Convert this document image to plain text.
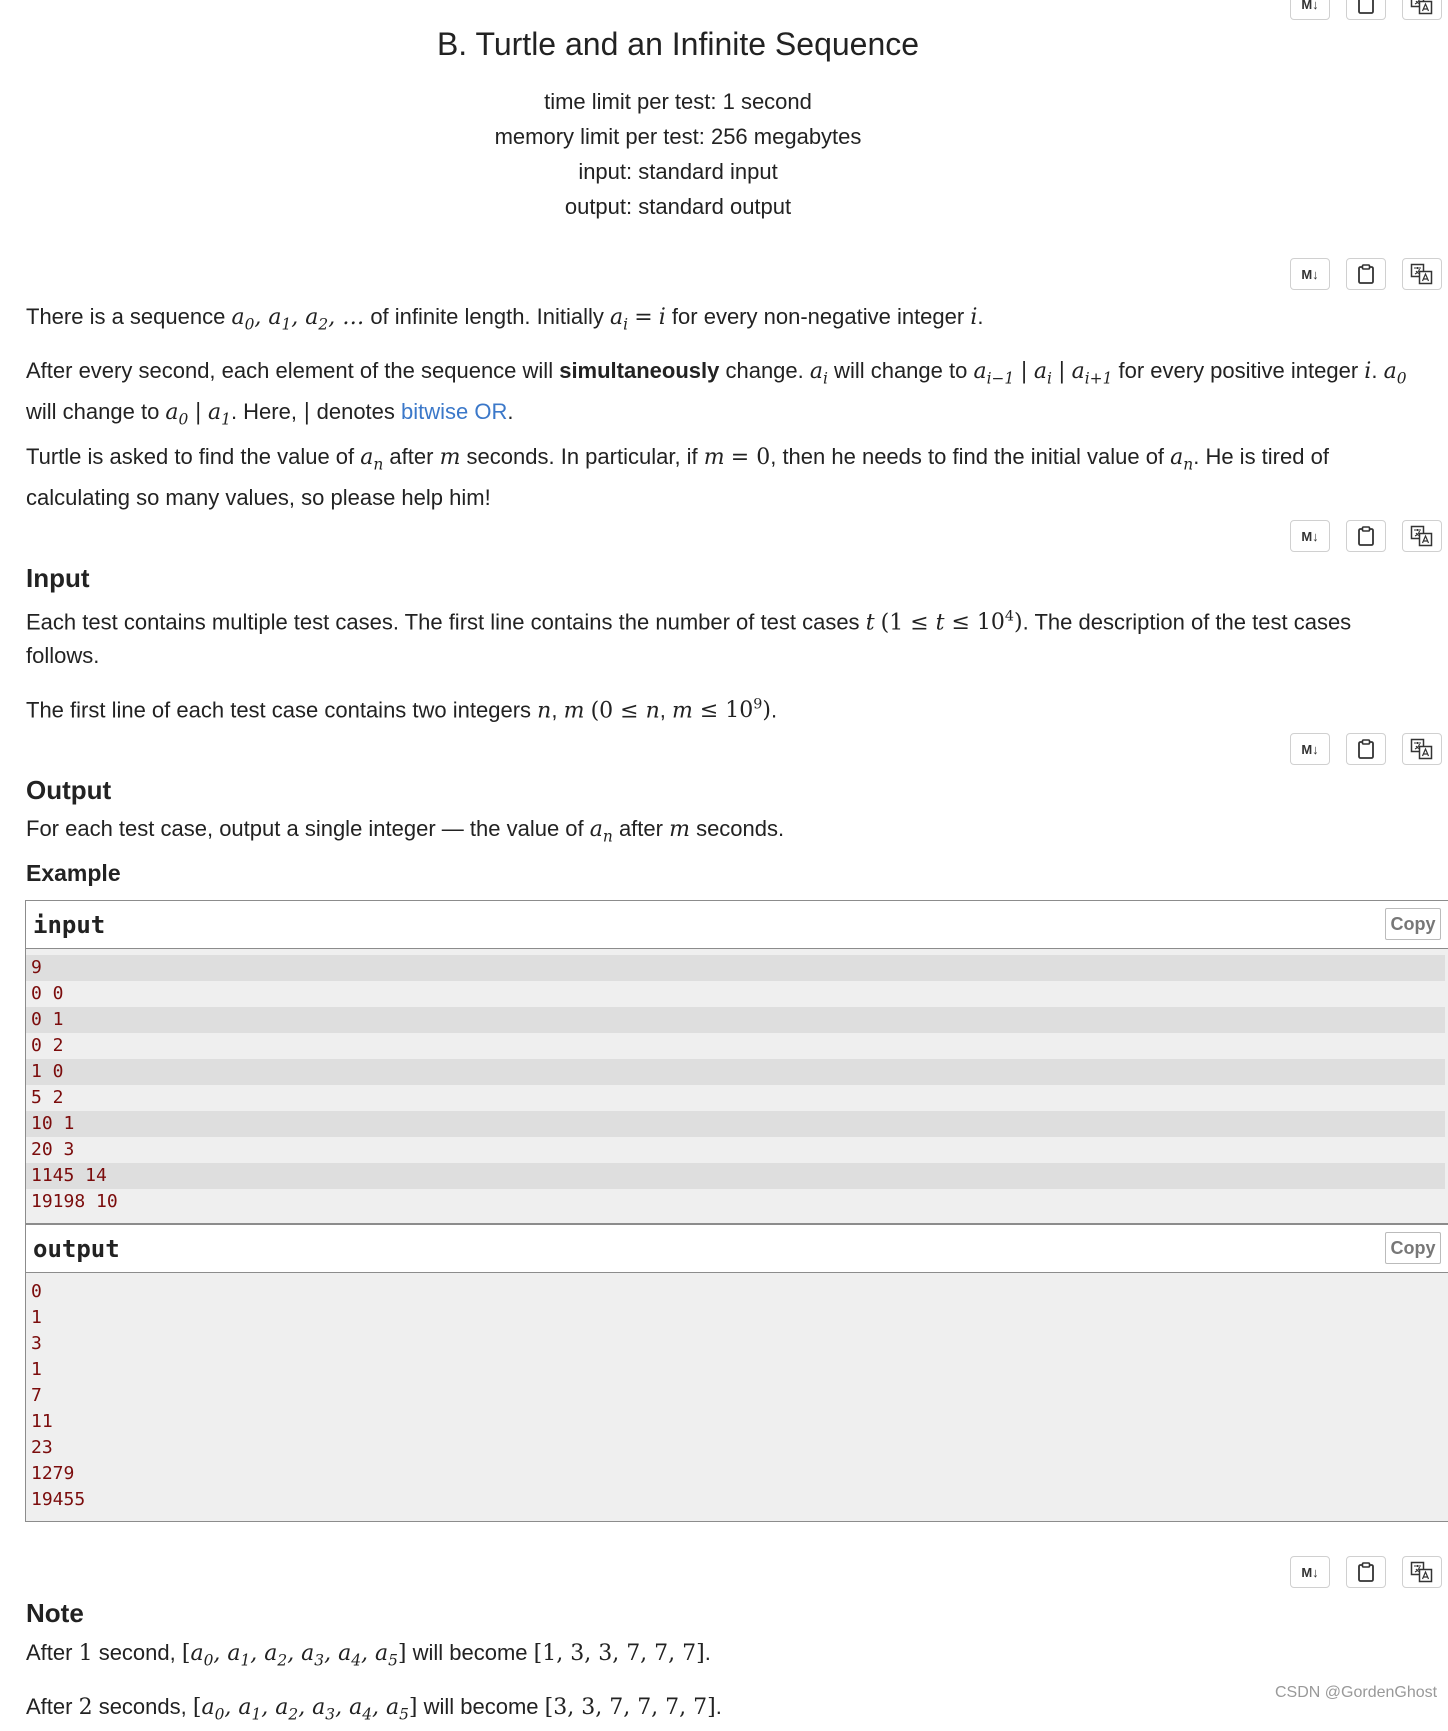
M↓
B. Turtle and an Infinite Sequence
time limit per test: 1 second
memory limit per test: 256 megabytes
input: standard input
output: standard output
M↓
There is a sequence $a_0$, $a_1$, $a_2$, … of infinite length. Initially $a_i = i$ for every non-negative integer i.
After every second, each element of the sequence will simultaneously change. $a_i$ will change to $a_{i-1}$ | $a_i$ | $a_{i+1}$ for every positive integer i. $a_0$ will change to $a_0$ | $a_1$. Here, | denotes bitwise OR.
Turtle is asked to find the value of $a_n$ after m seconds. In particular, if m = 0, then he needs to find the initial value of $a_n$. He is tired of calculating so many values, so please help him!
M↓
Input
Each test contains multiple test cases. The first line contains the number of test cases t $(1 \le t \le 10^4)$. The description of the test cases follows.
The first line of each test case contains two integers n, m (0 ≤ n, $m \le 10^9$).
M↓
Output
For each test case, output a single integer — the value of $a_n$ after m seconds.
Example
input	Copy
9
0 0
0 1
0 2
1 0
5 2
10 1
20 3
1145 14
19198 10
output	Copy
0
1
3
1
7
11
23
1279
19455
M↓
Note
After 1 second, [$a_0$, $a_1$, $a_2$, $a_3$, $a_4$, $a_5$] will become [1, 3, 3, 7, 7, 7].
After 2 seconds, [$a_0$, $a_1$, $a_2$, $a_3$, $a_4$, $a_5$] will become [3, 3, 7, 7, 7, 7].
CSDN @GordenGhost
